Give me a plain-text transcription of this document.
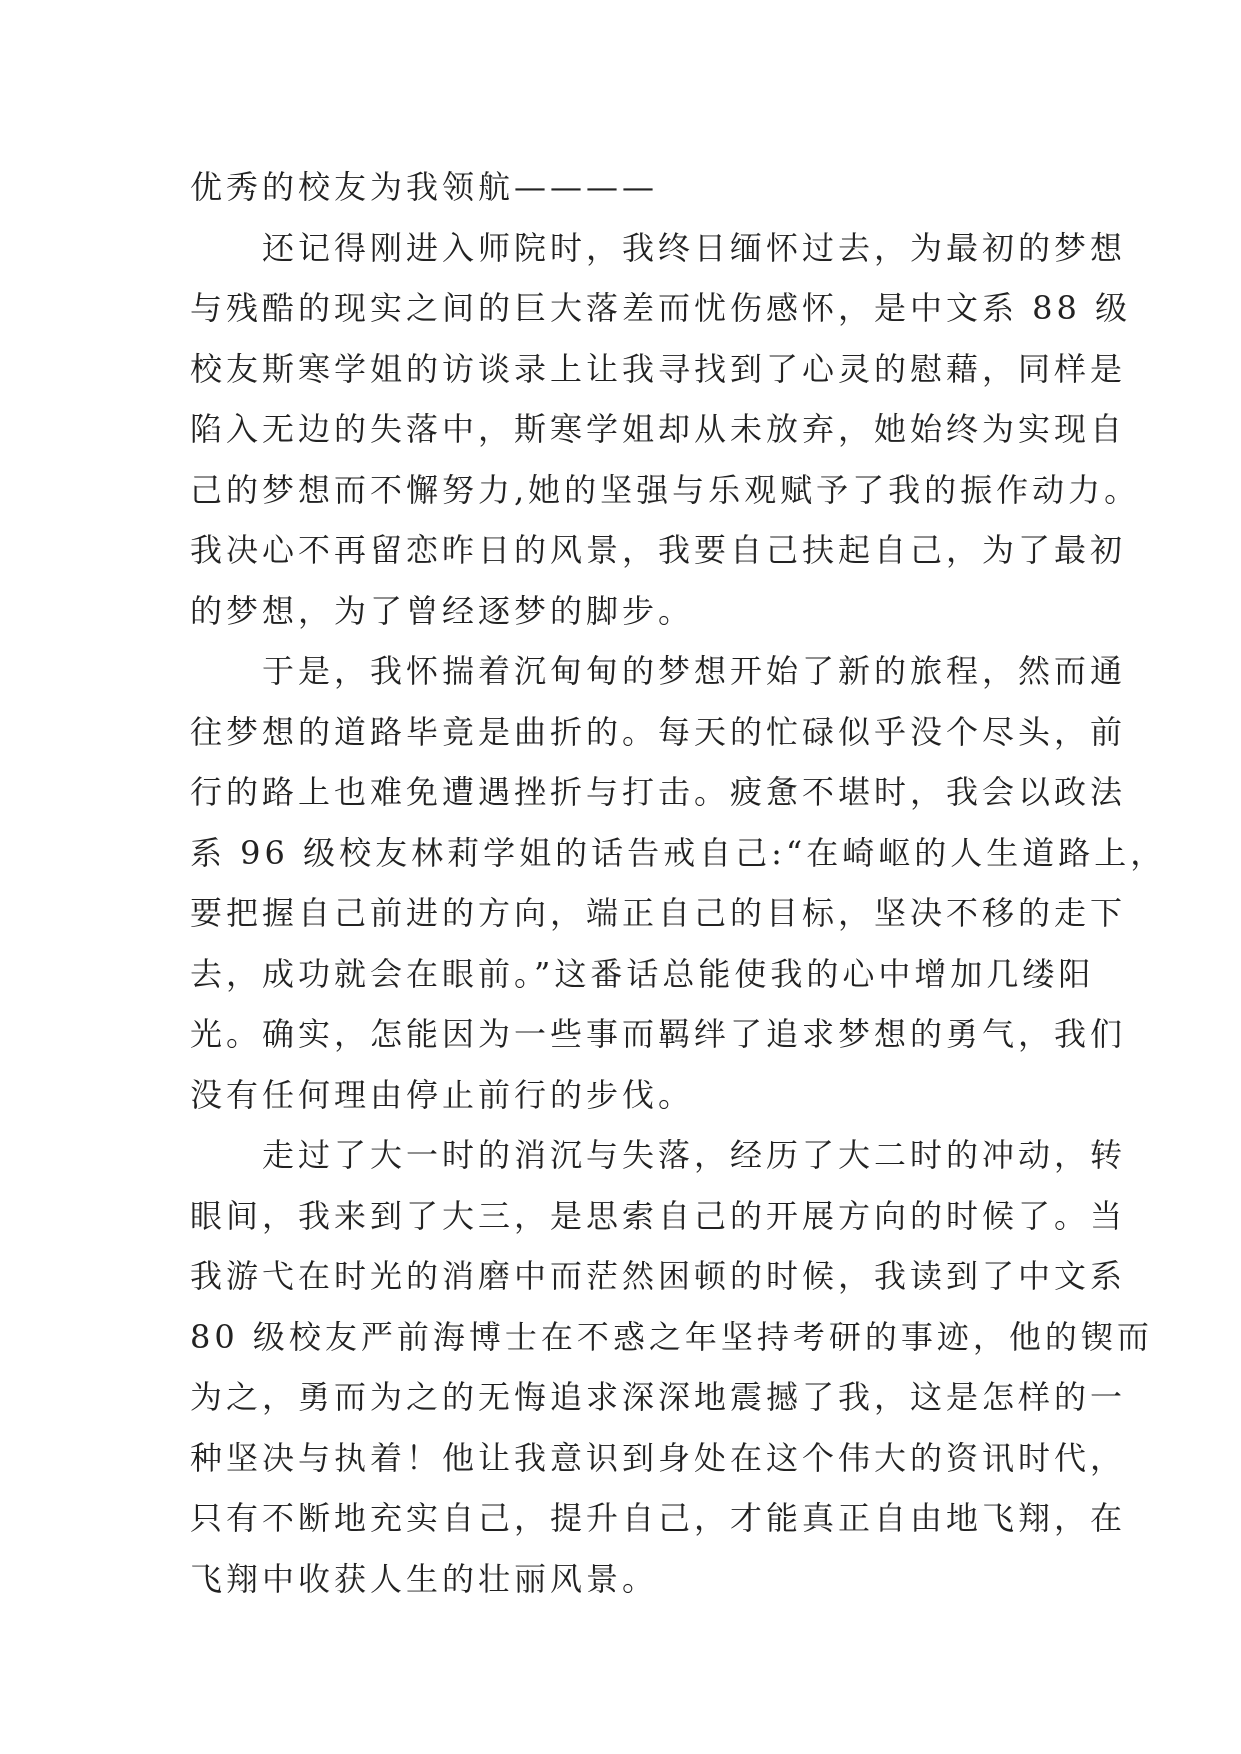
优秀的校友为我领航————
　　还记得刚进入师院时，我终日缅怀过去，为最初的梦想
与残酷的现实之间的巨大落差而忧伤感怀，是中文系 88 级
校友斯寒学姐的访谈录上让我寻找到了心灵的慰藉，同样是
陷入无边的失落中，斯寒学姐却从未放弃，她始终为实现自
己的梦想而不懈努力,她的坚强与乐观赋予了我的振作动力。
我决心不再留恋昨日的风景，我要自己扶起自己，为了最初
的梦想，为了曾经逐梦的脚步。
　　于是，我怀揣着沉甸甸的梦想开始了新的旅程，然而通
往梦想的道路毕竟是曲折的。每天的忙碌似乎没个尽头，前
行的路上也难免遭遇挫折与打击。疲惫不堪时，我会以政法
系 96 级校友林莉学姐的话告戒自己:“在崎岖的人生道路上，
要把握自己前进的方向，端正自己的目标，坚决不移的走下
去，成功就会在眼前。”这番话总能使我的心中增加几缕阳
光。确实，怎能因为一些事而羁绊了追求梦想的勇气，我们
没有任何理由停止前行的步伐。
　　走过了大一时的消沉与失落，经历了大二时的冲动，转
眼间，我来到了大三，是思索自己的开展方向的时候了。当
我游弋在时光的消磨中而茫然困顿的时候，我读到了中文系
80 级校友严前海博士在不惑之年坚持考研的事迹，他的锲而
为之，勇而为之的无悔追求深深地震撼了我，这是怎样的一
种坚决与执着！他让我意识到身处在这个伟大的资讯时代，
只有不断地充实自己，提升自己，才能真正自由地飞翔，在
飞翔中收获人生的壮丽风景。
